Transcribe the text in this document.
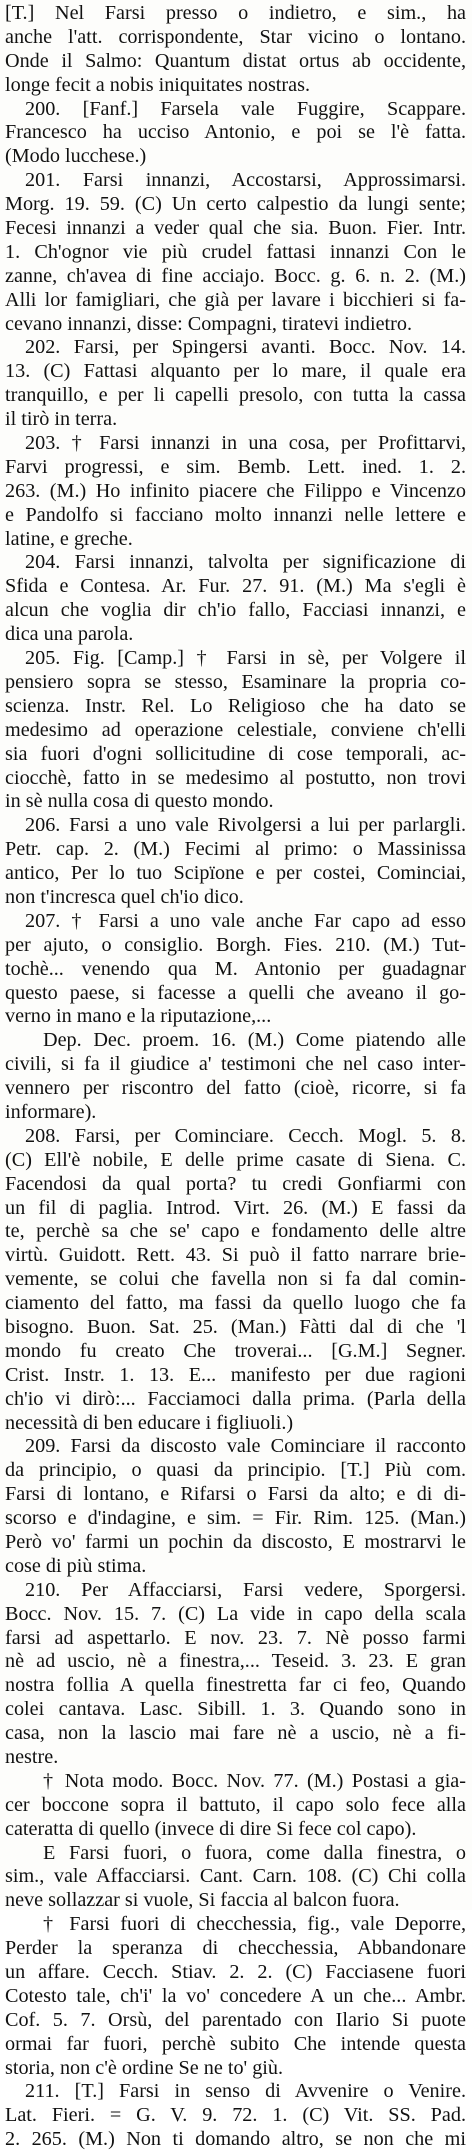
[T.] Nel Farsi presso o indietro, e sim., ha
anche l'att. corrispondente, Star vicino o lontano.
Onde il Salmo: Quantum distat ortus ab occidente,
longe fecit a nobis iniquitates nostras.
200. [Fanf.] Farsela vale Fuggire, Scappare.
Francesco ha ucciso Antonio, e poi se l'è fatta.
(Modo lucchese.)
201. Farsi innanzi, Accostarsi, Approssimarsi.
Morg. 19. 59. (C) Un certo calpestio da lungi sente;
Fecesi innanzi a veder qual che sia. Buon. Fier. Intr.
1. Ch'ognor vie più crudel fattasi innanzi Con le
zanne, ch'avea di fine acciajo. Bocc. g. 6. n. 2. (M.)
Alli lor famigliari, che già per lavare i bicchieri si fa-
cevano innanzi, disse: Compagni, tiratevi indietro.
202. Farsi, per Spingersi avanti. Bocc. Nov. 14.
13. (C) Fattasi alquanto per lo mare, il quale era
tranquillo, e per li capelli presolo, con tutta la cassa
il tirò in terra.
203. † Farsi innanzi in una cosa, per Profittarvi,
Farvi progressi, e sim. Bemb. Lett. ined. 1. 2.
263. (M.) Ho infinito piacere che Filippo e Vincenzo
e Pandolfo si facciano molto innanzi nelle lettere e
latine, e greche.
204. Farsi innanzi, talvolta per significazione di
Sfida e Contesa. Ar. Fur. 27. 91. (M.) Ma s'egli è
alcun che voglia dir ch'io fallo, Facciasi innanzi, e
dica una parola.
205. Fig. [Camp.] † Farsi in sè, per Volgere il
pensiero sopra se stesso, Esaminare la propria co-
scienza. Instr. Rel. Lo Religioso che ha dato se
medesimo ad operazione celestiale, conviene ch'elli
sia fuori d'ogni sollicitudine di cose temporali, ac-
ciocchè, fatto in se medesimo al postutto, non trovi
in sè nulla cosa di questo mondo.
206. Farsi a uno vale Rivolgersi a lui per parlargli.
Petr. cap. 2. (M.) Fecimi al primo: o Massinissa
antico, Per lo tuo Scipïone e per costei, Cominciai,
non t'incresca quel ch'io dico.
207. † Farsi a uno vale anche Far capo ad esso
per ajuto, o consiglio. Borgh. Fies. 210. (M.) Tut-
tochè... venendo qua M. Antonio per guadagnar
questo paese, si facesse a quelli che aveano il go-
verno in mano e la riputazione,...
Dep. Dec. proem. 16. (M.) Come piatendo alle
civili, si fa il giudice a' testimoni che nel caso inter-
vennero per riscontro del fatto (cioè, ricorre, si fa
informare).
208. Farsi, per Cominciare. Cecch. Mogl. 5. 8.
(C) Ell'è nobile, E delle prime casate di Siena. C.
Facendosi da qual porta? tu credi Gonfiarmi con
un fil di paglia. Introd. Virt. 26. (M.) E fassi da
te, perchè sa che se' capo e fondamento delle altre
virtù. Guidott. Rett. 43. Si può il fatto narrare brie-
vemente, se colui che favella non si fa dal comin-
ciamento del fatto, ma fassi da quello luogo che fa
bisogno. Buon. Sat. 25. (Man.) Fàtti dal di che 'l
mondo fu creato Che troverai... [G.M.] Segner.
Crist. Instr. 1. 13. E... manifesto per due ragioni
ch'io vi dirò:... Facciamoci dalla prima. (Parla della
necessità di ben educare i figliuoli.)
209. Farsi da discosto vale Cominciare il racconto
da principio, o quasi da principio. [T.] Più com.
Farsi di lontano, e Rifarsi o Farsi da alto; e di di-
scorso e d'indagine, e sim. = Fir. Rim. 125. (Man.)
Però vo' farmi un pochin da discosto, E mostrarvi le
cose di più stima.
210. Per Affacciarsi, Farsi vedere, Sporgersi.
Bocc. Nov. 15. 7. (C) La vide in capo della scala
farsi ad aspettarlo. E nov. 23. 7. Nè posso farmi
nè ad uscio, nè a finestra,... Teseid. 3. 23. E gran
nostra follia A quella finestretta far ci feo, Quando
colei cantava. Lasc. Sibill. 1. 3. Quando sono in
casa, non la lascio mai fare nè a uscio, nè a fi-
nestre.
† Nota modo. Bocc. Nov. 77. (M.) Postasi a gia-
cer boccone sopra il battuto, il capo solo fece alla
cateratta di quello (invece di dire Si fece col capo).
E Farsi fuori, o fuora, come dalla finestra, o
sim., vale Affacciarsi. Cant. Carn. 108. (C) Chi colla
neve sollazzar si vuole, Si faccia al balcon fuora.
† Farsi fuori di checchessia, fig., vale Deporre,
Perder la speranza di checchessia, Abbandonare
un affare. Cecch. Stiav. 2. 2. (C) Facciasene fuori
Cotesto tale, ch'i' la vo' concedere A un che... Ambr.
Cof. 5. 7. Orsù, del parentado con Ilario Si puote
ormai far fuori, perchè subito Che intende questa
storia, non c'è ordine Se ne to' giù.
211. [T.] Farsi in senso di Avvenire o Venire.
Lat. Fieri. = G. V. 9. 72. 1. (C) Vit. SS. Pad.
2. 265. (M.) Non ti domando altro, se non che mi
